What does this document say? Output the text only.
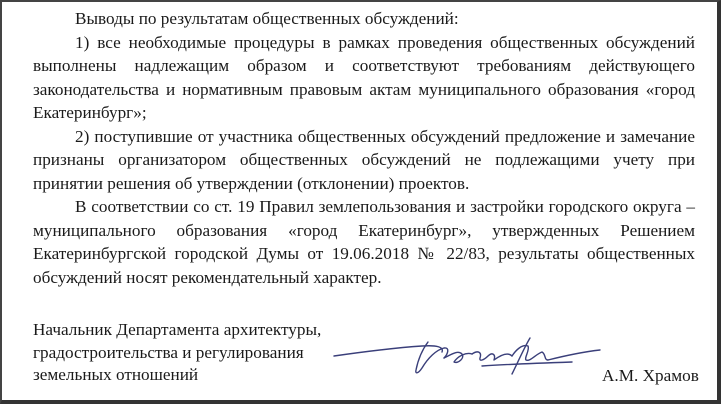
Выводы по результатам общественных обсуждений:

1) все необходимые процедуры в рамках проведения общественных обсуждений выполнены надлежащим образом и соответствуют требованиям действующего законодательства и нормативным правовым актам муниципального образования «город Екатеринбург»;

2) поступившие от участника общественных обсуждений предложение и замечание признаны организатором общественных обсуждений не подлежащими учету при принятии решения об утверждении (отклонении) проектов.

В соответствии со ст. 19 Правил землепользования и застройки городского округа – муниципального образования «город Екатеринбург», утвержденных Решением Екатеринбургской городской Думы от 19.06.2018 № 22/83, результаты общественных обсуждений носят рекомендательный характер.

Начальник Департамента архитектуры,
градостроительства и регулирования
земельных отношений	А.М. Храмов
